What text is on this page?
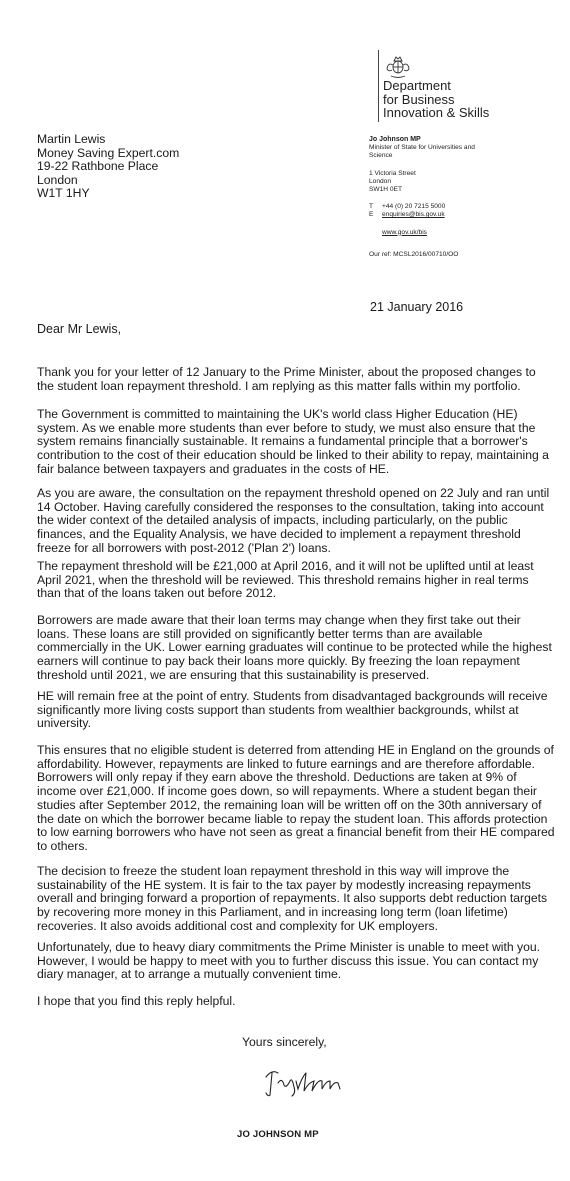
Department
for Business
Innovation & Skills
Jo Johnson MP
Minister of State for Universities and
Science
1 Victoria Street
London
SW1H 0ET
T +44 (0) 20 7215 5000
E enquiries@bis.gov.uk
www.gov.uk/bis
Our ref: MCSL2016/00710/OO
Martin Lewis
Money Saving Expert.com
19-22 Rathbone Place
London
W1T 1HY
21 January 2016
Dear Mr Lewis,
Thank you for your letter of 12 January to the Prime Minister, about the proposed changes to
the student loan repayment threshold. I am replying as this matter falls within my portfolio.
The Government is committed to maintaining the UK's world class Higher Education (HE)
system. As we enable more students than ever before to study, we must also ensure that the
system remains financially sustainable. It remains a fundamental principle that a borrower's
contribution to the cost of their education should be linked to their ability to repay, maintaining a
fair balance between taxpayers and graduates in the costs of HE.
As you are aware, the consultation on the repayment threshold opened on 22 July and ran until
14 October. Having carefully considered the responses to the consultation, taking into account
the wider context of the detailed analysis of impacts, including particularly, on the public
finances, and the Equality Analysis, we have decided to implement a repayment threshold
freeze for all borrowers with post-2012 ('Plan 2') loans.
The repayment threshold will be £21,000 at April 2016, and it will not be uplifted until at least
April 2021, when the threshold will be reviewed. This threshold remains higher in real terms
than that of the loans taken out before 2012.
Borrowers are made aware that their loan terms may change when they first take out their
loans. These loans are still provided on significantly better terms than are available
commercially in the UK. Lower earning graduates will continue to be protected while the highest
earners will continue to pay back their loans more quickly. By freezing the loan repayment
threshold until 2021, we are ensuring that this sustainability is preserved.
HE will remain free at the point of entry. Students from disadvantaged backgrounds will receive
significantly more living costs support than students from wealthier backgrounds, whilst at
university.
This ensures that no eligible student is deterred from attending HE in England on the grounds of
affordability. However, repayments are linked to future earnings and are therefore affordable.
Borrowers will only repay if they earn above the threshold. Deductions are taken at 9% of
income over £21,000. If income goes down, so will repayments. Where a student began their
studies after September 2012, the remaining loan will be written off on the 30th anniversary of
the date on which the borrower became liable to repay the student loan. This affords protection
to low earning borrowers who have not seen as great a financial benefit from their HE compared
to others.
The decision to freeze the student loan repayment threshold in this way will improve the
sustainability of the HE system. It is fair to the tax payer by modestly increasing repayments
overall and bringing forward a proportion of repayments. It also supports debt reduction targets
by recovering more money in this Parliament, and in increasing long term (loan lifetime)
recoveries. It also avoids additional cost and complexity for UK employers.
Unfortunately, due to heavy diary commitments the Prime Minister is unable to meet with you.
However, I would be happy to meet with you to further discuss this issue. You can contact my
diary manager, at to arrange a mutually convenient time.
I hope that you find this reply helpful.
Yours sincerely,
JO JOHNSON MP
